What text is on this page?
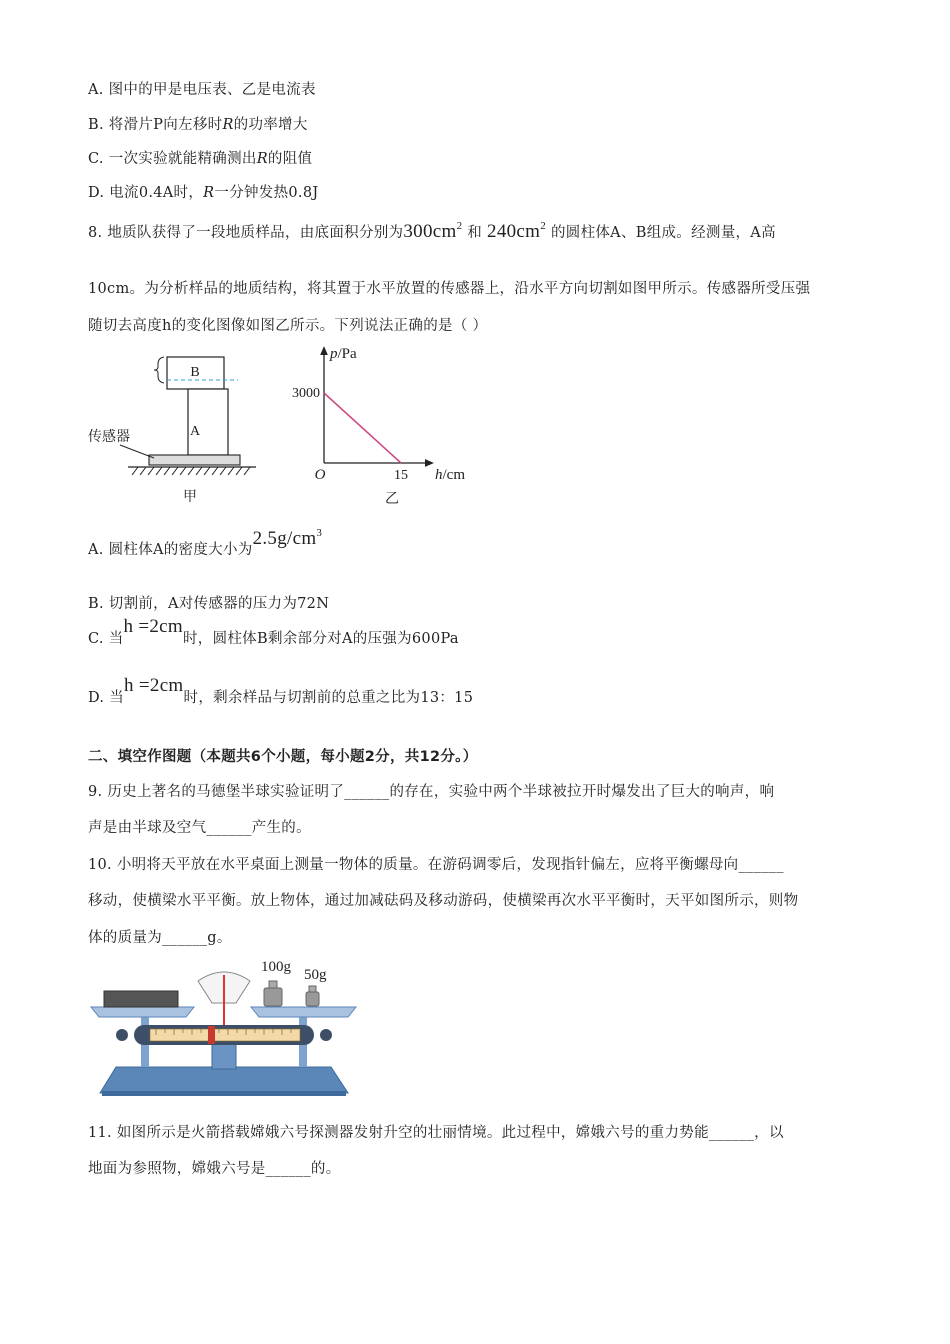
A. 图中的甲是电压表、乙是电流表
B. 将滑片P向左移时R的功率增大
C. 一次实验就能精确测出R的阻值
D. 电流0.4A时，R一分钟发热0.8J
8. 地质队获得了一段地质样品，由底面积分别为$300cm^2$ 和 $240cm^2$ 的圆柱体A、B组成。经测量，A高
10cm。为分析样品的地质结构，将其置于水平放置的传感器上，沿水平方向切割如图甲所示。传感器所受压强
随切去高度h的变化图像如图乙所示。下列说法正确的是（ ）
B
A
传感器
甲
p/Pa
3000
O	15 h/cm
乙
A. 圆柱体A的密度大小为$2.5g/cm^3$
B. 切割前，A对传感器的压力为72N
C. 当h =2cm时，圆柱体B剩余部分对A的压强为600Pa
D. 当h =2cm时，剩余样品与切割前的总重之比为13：15
二、填空作图题（本题共6个小题，每小题2分，共12分。）
9. 历史上著名的马德堡半球实验证明了______的存在，实验中两个半球被拉开时爆发出了巨大的响声，响
声是由半球及空气______产生的。
10. 小明将天平放在水平桌面上测量一物体的质量。在游码调零后，发现指针偏左，应将平衡螺母向______
移动，使横梁水平平衡。放上物体，通过加减砝码及移动游码，使横梁再次水平平衡时，天平如图所示，则物
体的质量为______g。
100g 50g
11. 如图所示是火箭搭载嫦娥六号探测器发射升空的壮丽情境。此过程中，嫦娥六号的重力势能______，以
地面为参照物，嫦娥六号是______的。
